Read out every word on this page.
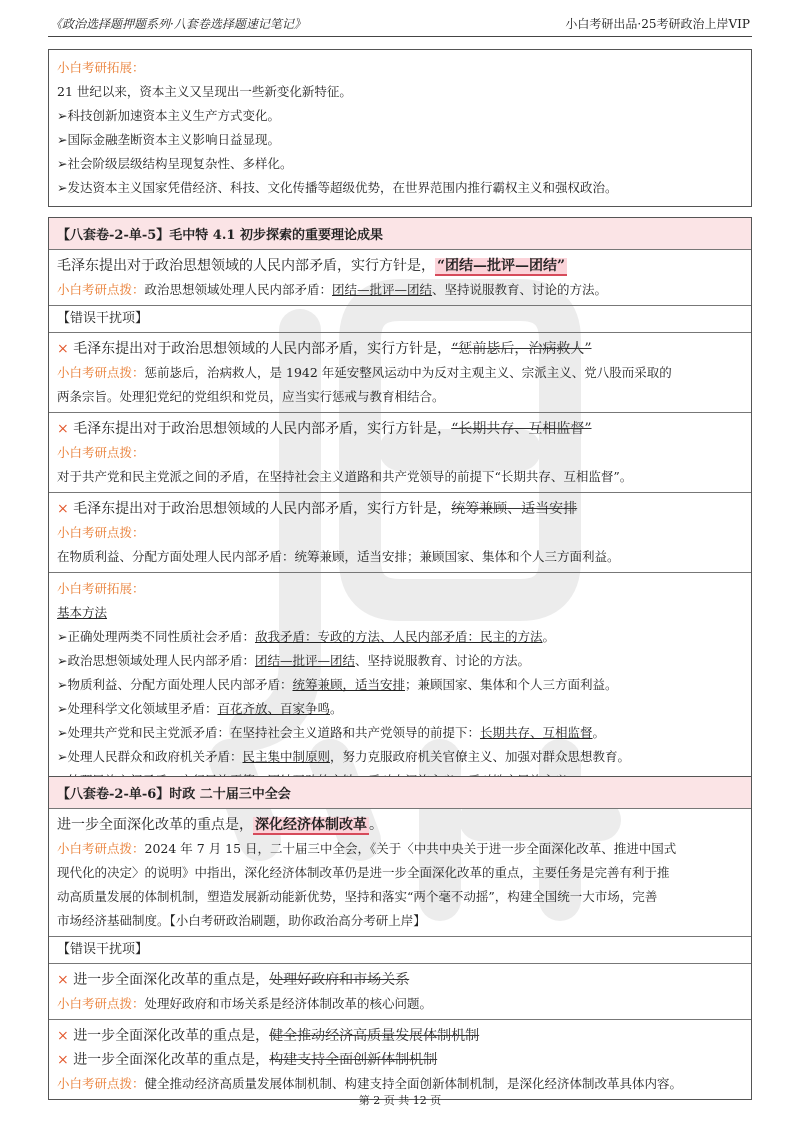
《政治选择题押题系列·八套卷选择题速记笔记》	小白考研出品·25考研政治上岸VIP
小白考研拓展：
21 世纪以来，资本主义又呈现出一些新变化新特征。
➢科技创新加速资本主义生产方式变化。
➢国际金融垄断资本主义影响日益显现。
➢社会阶级层级结构呈现复杂性、多样化。
➢发达资本主义国家凭借经济、科技、文化传播等超级优势，在世界范围内推行霸权主义和强权政治。
【八套卷-2-单-5】毛中特 4.1 初步探索的重要理论成果
毛泽东提出对于政治思想领域的人民内部矛盾，实行方针是， “团结—批评—团结”
小白考研点拨：政治思想领域处理人民内部矛盾：团结—批评—团结、坚持说服教育、讨论的方法。
【错误干扰项】
× 毛泽东提出对于政治思想领域的人民内部矛盾，实行方针是，“惩前毖后，治病救人”
小白考研点拨：惩前毖后，治病救人，是 1942 年延安整风运动中为反对主观主义、宗派主义、党八股而采取的
两条宗旨。处理犯党纪的党组织和党员，应当实行惩戒与教育相结合。
× 毛泽东提出对于政治思想领域的人民内部矛盾，实行方针是，“长期共存、互相监督”
小白考研点拨：
对于共产党和民主党派之间的矛盾，在坚持社会主义道路和共产党领导的前提下“长期共存、互相监督”。
× 毛泽东提出对于政治思想领域的人民内部矛盾，实行方针是，统筹兼顾、适当安排
小白考研点拨：
在物质利益、分配方面处理人民内部矛盾：统筹兼顾，适当安排；兼顾国家、集体和个人三方面利益。
小白考研拓展：
基本方法
➢正确处理两类不同性质社会矛盾：敌我矛盾：专政的方法、人民内部矛盾：民主的方法。
➢政治思想领域处理人民内部矛盾：团结—批评—团结、坚持说服教育、讨论的方法。
➢物质利益、分配方面处理人民内部矛盾：统筹兼顾，适当安排；兼顾国家、集体和个人三方面利益。
➢处理科学文化领域里矛盾：百花齐放、百家争鸣。
➢处理共产党和民主党派矛盾：在坚持社会主义道路和共产党领导的前提下：长期共存、互相监督。
➢处理人民群众和政府机关矛盾：民主集中制原则，努力克服政府机关官僚主义、加强对群众思想教育。
【八套卷-2-单-6】时政 二十届三中全会
进一步全面深化改革的重点是， 深化经济体制改革 。
小白考研点拨：2024 年 7 月 15 日，二十届三中全会，《关于〈中共中央关于进一步全面深化改革、推进中国式
现代化的决定〉的说明》中指出，深化经济体制改革仍是进一步全面深化改革的重点，主要任务是完善有利于推
动高质量发展的体制机制，塑造发展新动能新优势，坚持和落实“两个毫不动摇”，构建全国统一大市场，完善
市场经济基础制度。【小白考研政治刷题，助你政治高分考研上岸】
【错误干扰项】
× 进一步全面深化改革的重点是，处理好政府和市场关系
小白考研点拨：处理好政府和市场关系是经济体制改革的核心问题。
× 进一步全面深化改革的重点是，健全推动经济高质量发展体制机制
× 进一步全面深化改革的重点是，构建支持全面创新体制机制
小白考研点拨：健全推动经济高质量发展体制机制、构建支持全面创新体制机制，是深化经济体制改革具体内容。
第 2 页 共 12 页
